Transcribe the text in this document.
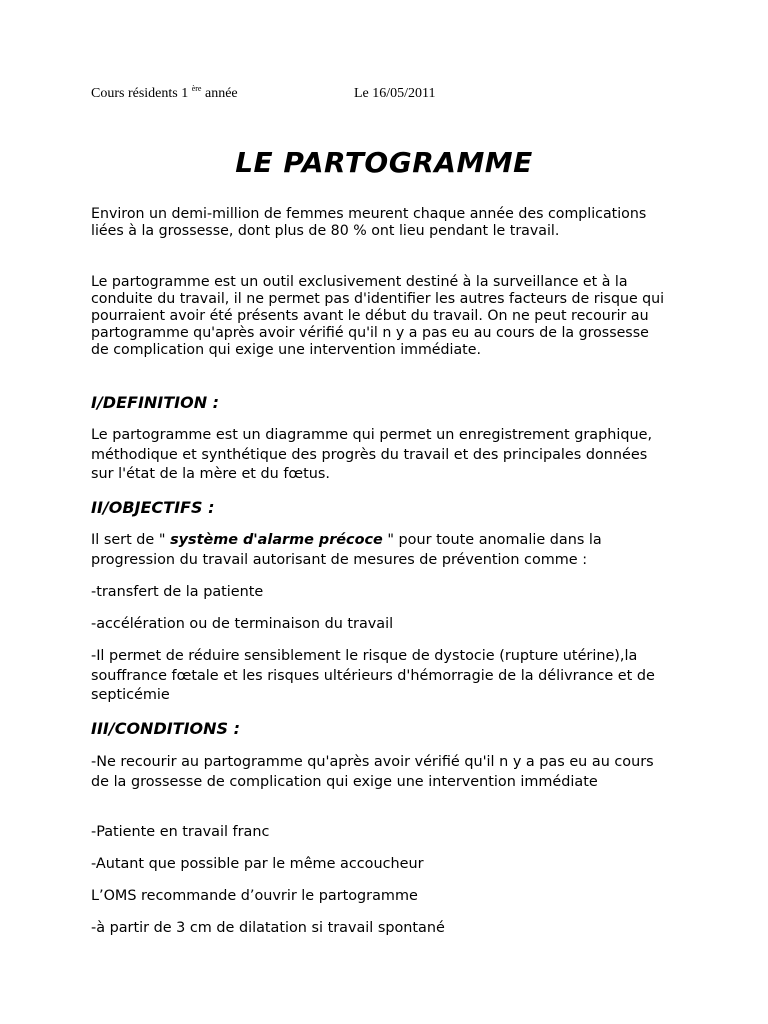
Cours résidents 1 $^{ère}$ année	Le 16/05/2011
LE PARTOGRAMME
Environ un demi-million de femmes meurent chaque année des complications liées à la grossesse, dont plus de 80 % ont lieu pendant le travail.
Le partogramme est un outil exclusivement destiné à la surveillance et à la conduite du travail, il ne permet pas d'identifier les autres facteurs de risque qui pourraient avoir été présents avant le début du travail. On ne peut recourir au partogramme qu'après avoir vérifié qu'il n y a pas eu au cours de la grossesse de complication qui exige une intervention immédiate.
I/DEFINITION :
Le partogramme est un diagramme qui permet un enregistrement graphique, méthodique et synthétique des progrès du travail et des principales données sur l'état de la mère et du fœtus.
II/OBJECTIFS :
Il sert de " système d'alarme précoce " pour toute anomalie dans la progression du travail autorisant de mesures de prévention comme :
-transfert de la patiente
-accélération ou de terminaison du travail
-Il permet de réduire sensiblement le risque de dystocie (rupture utérine),la souffrance fœtale et les risques ultérieurs d'hémorragie de la délivrance et de septicémie
III/CONDITIONS :
-Ne recourir au partogramme qu'après avoir vérifié qu'il n y a pas eu au cours de la grossesse de complication qui exige une intervention immédiate
-Patiente en travail franc
-Autant que possible par le même accoucheur
L’OMS recommande d’ouvrir le partogramme
-à partir de 3 cm de dilatation si travail spontané
